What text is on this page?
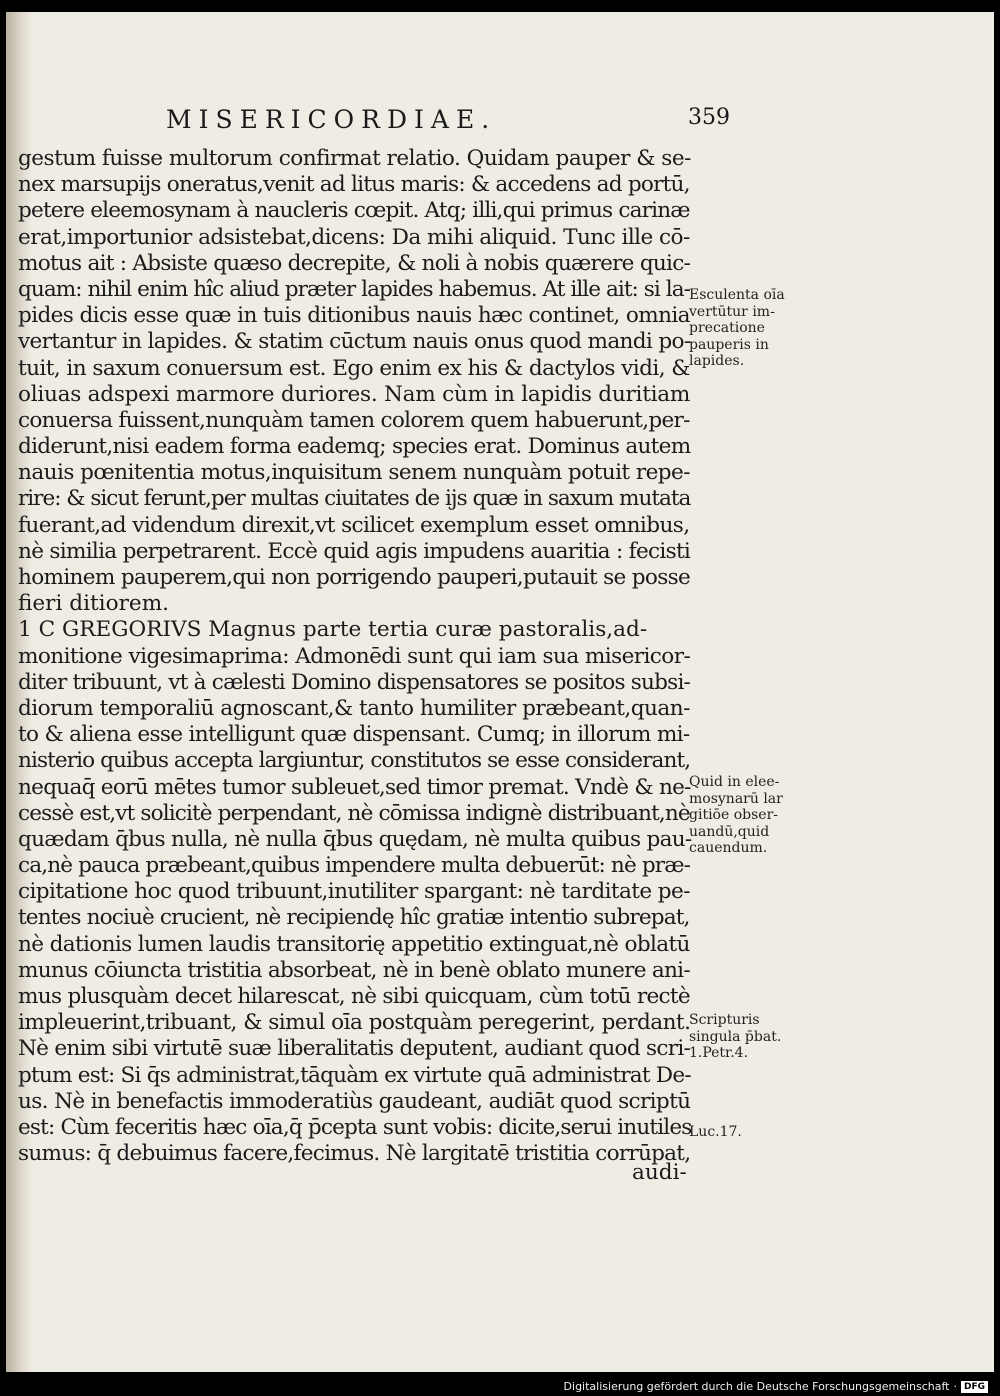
MISERICORDIAE.	359
gestum fuisse multorum confirmat relatio. Quidam pauper & se-
nex marsupijs oneratus,venit ad litus maris: & accedens ad portū,
petere eleemosynam à naucleris cœpit. Atq; illi,qui primus carinæ
erat,importunior adsistebat,dicens: Da mihi aliquid. Tunc ille cō-
motus ait : Absiste quæso decrepite, & noli à nobis quærere quic-
quam: nihil enim hîc aliud præter lapides habemus. At ille ait: si la-
pides dicis esse quæ in tuis ditionibus nauis hæc continet, omnia
vertantur in lapides. & statim cūctum nauis onus quod mandi po-
tuit, in saxum conuersum est. Ego enim ex his & dactylos vidi, &
oliuas adspexi marmore duriores. Nam cùm in lapidis duritiam
conuersa fuissent,nunquàm tamen colorem quem habuerunt,per-
diderunt,nisi eadem forma eademq; species erat. Dominus autem
nauis pœnitentia motus,inquisitum senem nunquàm potuit repe-
rire: & sicut ferunt,per multas ciuitates de ijs quæ in saxum mutata
fuerant,ad videndum direxit,vt scilicet exemplum esset omnibus,
nè similia perpetrarent. Eccè quid agis impudens auaritia : fecisti
hominem pauperem,qui non porrigendo pauperi,putauit se posse
fieri ditiorem.
1 C GREGORIVS Magnus parte tertia curæ pastoralis,ad-
monitione vigesimaprima: Admonēdi sunt qui iam sua misericor-
diter tribuunt, vt à cælesti Domino dispensatores se positos subsi-
diorum temporaliū agnoscant,& tanto humiliter præbeant,quan-
to & aliena esse intelligunt quæ dispensant. Cumq; in illorum mi-
nisterio quibus accepta largiuntur, constitutos se esse considerant,
nequaq̄ eorū mētes tumor subleuet,sed timor premat. Vndè & ne-
cessè est,vt solicitè perpendant, nè cōmissa indignè distribuant,nè
quædam q̄bus nulla, nè nulla q̄bus quędam, nè multa quibus pau-
ca,nè pauca præbeant,quibus impendere multa debuerūt: nè præ-
cipitatione hoc quod tribuunt,inutiliter spargant: nè tarditate pe-
tentes nociuè crucient, nè recipiendę hîc gratiæ intentio subrepat,
nè dationis lumen laudis transitorię appetitio extinguat,nè oblatū
munus cōiuncta tristitia absorbeat, nè in benè oblato munere ani-
mus plusquàm decet hilarescat, nè sibi quicquam, cùm totū rectè
impleuerint,tribuant, & simul oīa postquàm peregerint, perdant.
Nè enim sibi virtutē suæ liberalitatis deputent, audiant quod scri-
ptum est: Si q̄s administrat,tāquàm ex virtute quā administrat De-
us. Nè in benefactis immoderatiùs gaudeant, audiāt quod scriptū
est: Cùm feceritis hæc oīa,q̄ p̄cepta sunt vobis: dicite,serui inutiles
sumus: q̄ debuimus facere,fecimus. Nè largitatē tristitia corrūpat,
Esculenta oīa
vertūtur im-
precatione
pauperis in
lapides.
Quid in elee-
mosynarū lar
gitiōe obser-
uandū,quid
cauendum.
Scripturis
singula p̄bat.
1.Petr.4.
Luc.17.
audi-
Digitalisierung gefördert durch die Deutsche Forschungsgemeinschaft · DFG
